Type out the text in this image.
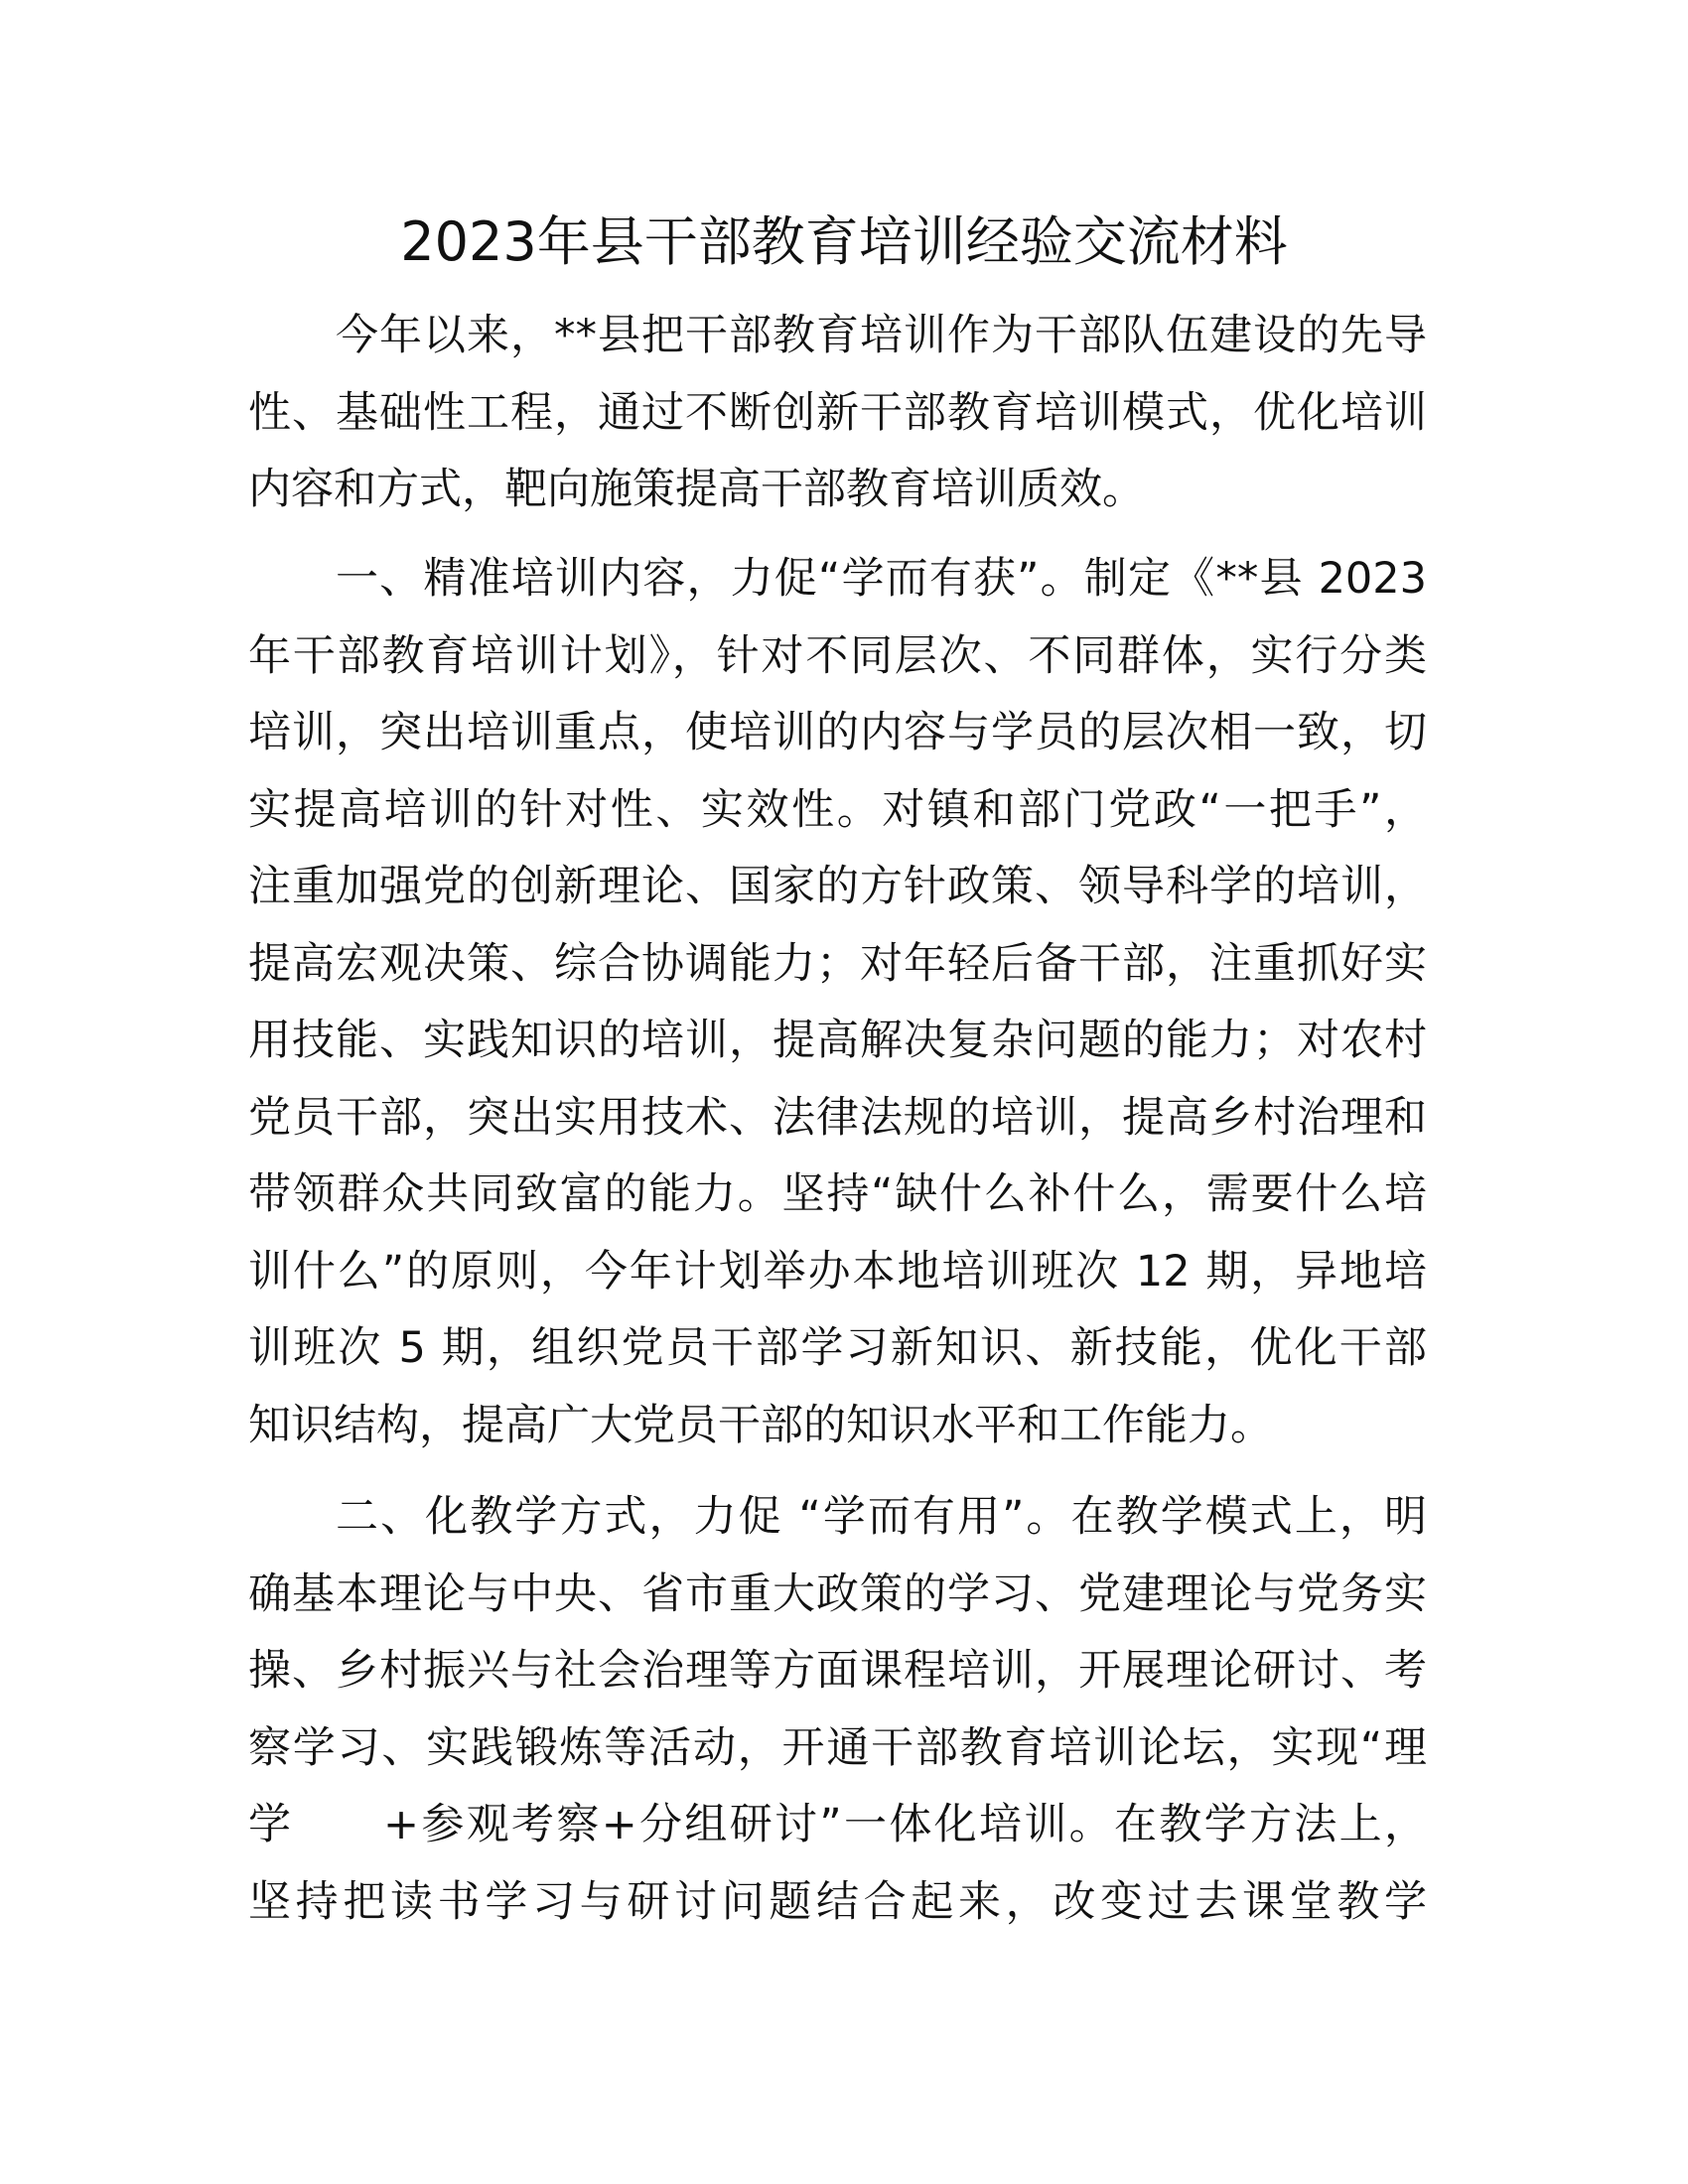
2023年县干部教育培训经验交流材料
今年以来，**县把干部教育培训作为干部队伍建设的先导
性、基础性工程，通过不断创新干部教育培训模式，优化培训
内容和方式，靶向施策提高干部教育培训质效。
一、精准培训内容，力促“学而有获”。制定《**县 2023
年干部教育培训计划》，针对不同层次、不同群体，实行分类
培训，突出培训重点，使培训的内容与学员的层次相一致，切
实提高培训的针对性、实效性。对镇和部门党政“一把手”，
注重加强党的创新理论、国家的方针政策、领导科学的培训，
提高宏观决策、综合协调能力；对年轻后备干部，注重抓好实
用技能、实践知识的培训，提高解决复杂问题的能力；对农村
党员干部，突出实用技术、法律法规的培训，提高乡村治理和
带领群众共同致富的能力。坚持“缺什么补什么，需要什么培
训什么”的原则，今年计划举办本地培训班次 12 期，异地培
训班次 5 期，组织党员干部学习新知识、新技能，优化干部
知识结构，提高广大党员干部的知识水平和工作能力。
二、化教学方式，力促 “学而有用”。在教学模式上，明
确基本理论与中央、省市重大政策的学习、党建理论与党务实
操、乡村振兴与社会治理等方面课程培训，开展理论研讨、考
察学习、实践锻炼等活动，开通干部教育培训论坛，实现“理
学　　+参观考察+分组研讨”一体化培训。在教学方法上，
坚持把读书学习与研讨问题结合起来，改变过去课堂教学
